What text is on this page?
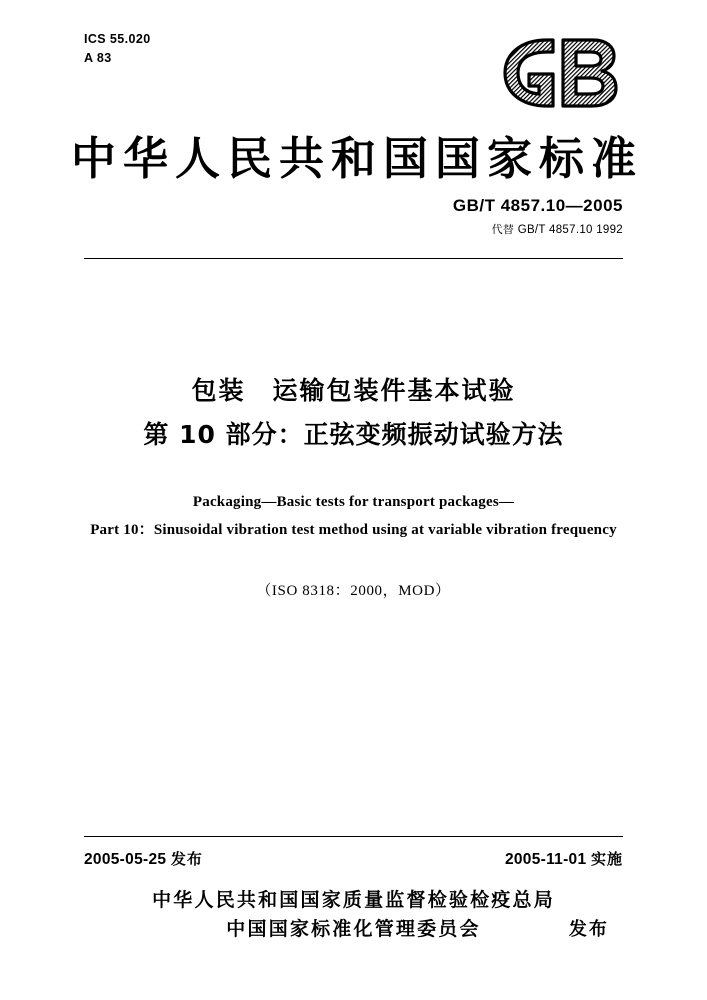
ICS 55.020
A 83
中华人民共和国国家标准
GB/T 4857.10—2005
代替 GB/T 4857.10 1992
包装　运输包装件基本试验
第 10 部分：正弦变频振动试验方法
Packaging—Basic tests for transport packages—
Part 10：Sinusoidal vibration test method using at variable vibration frequency
（ISO 8318：2000，MOD）
2005-05-25 发布	2005-11-01 实施
中华人民共和国国家质量监督检验检疫总局
中国国家标准化管理委员会	发布
